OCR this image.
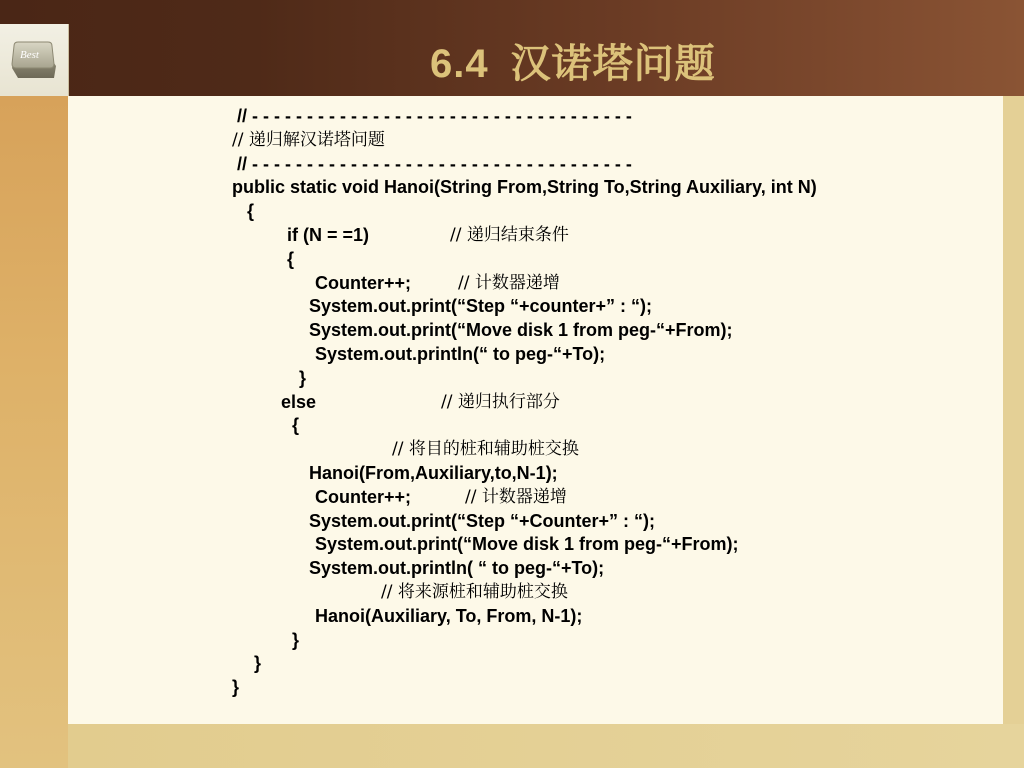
Best	6.4 汉诺塔问题
// - - - - - - - - - - - - - - - - - - - - - - - - - - - - - - - - - - -
// 递归解汉诺塔问题
// - - - - - - - - - - - - - - - - - - - - - - - - - - - - - - - - - - -
public static void Hanoi(String From,String To,String Auxiliary, int N)
{
if (N = =1)	// 递归结束条件
{
Counter++;	// 计数器递增
System.out.print(“Step “+counter+” : “);
System.out.print(“Move disk 1 from peg-“+From);
System.out.println(“ to peg-“+To);
}
else	// 递归执行部分
{
// 将目的桩和辅助桩交换
Hanoi(From,Auxiliary,to,N-1);
Counter++;	// 计数器递增
System.out.print(“Step “+Counter+” : “);
System.out.print(“Move disk 1 from peg-“+From);
System.out.println( “ to peg-“+To);
// 将来源桩和辅助桩交换
Hanoi(Auxiliary, To, From, N-1);
}
}
}
